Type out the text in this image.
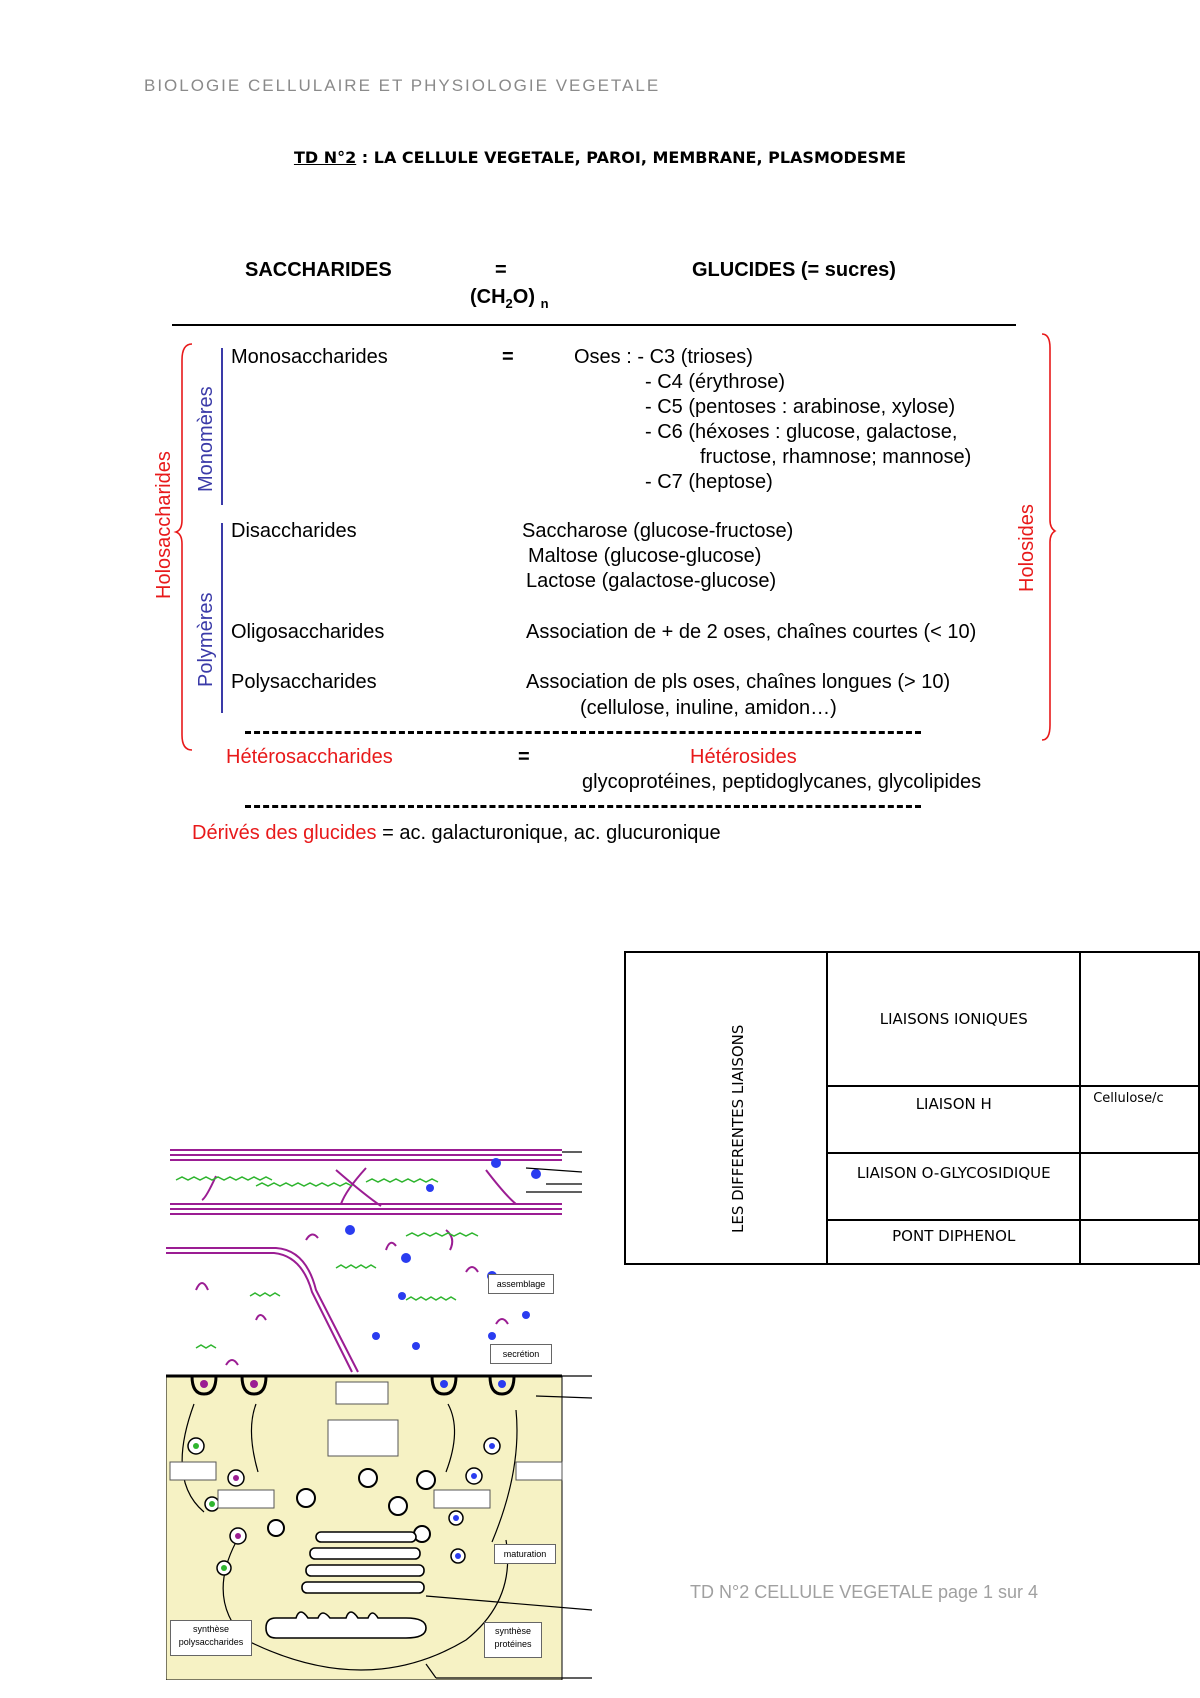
BIOLOGIE CELLULAIRE ET PHYSIOLOGIE VEGETALE
TD N°2 : LA CELLULE VEGETALE, PAROI, MEMBRANE, PLASMODESME
SACCHARIDES	=
$(CH_2O)$ $_n$
GLUCIDES (= sucres)
Monosaccharides	=	Oses : - C3 (trioses)
- C4 (érythrose)
- C5 (pentoses : arabinose, xylose)
- C6 (héxoses : glucose, galactose,
fructose, rhamnose; mannose)
- C7 (heptose)
Disaccharides	Saccharose (glucose-fructose)
Maltose (glucose-glucose)
Lactose (galactose-glucose)
Oligosaccharides	Association de + de 2 oses, chaînes courtes (< 10)
Polysaccharides	Association de pls oses, chaînes longues (> 10)
(cellulose, inuline, amidon…)
Hétérosaccharides	=	Hétérosides
glycoprotéines, peptidoglycanes, glycolipides
Dérivés des glucides = ac. galacturonique, ac. glucuronique
Monomères
Polymères
Holosaccharides	Holosides
LES DIFFERENTES LIAISONS	LIAISONS IONIQUES	
	LIAISON H	Cellulose/c
	LIAISON O-GLYCOSIDIQUE	
	PONT DIPHENOL	
assemblage
secrétion
maturation
synthèse
polysaccharides
synthèse
protéines
TD N°2 CELLULE VEGETALE page 1 sur 4
